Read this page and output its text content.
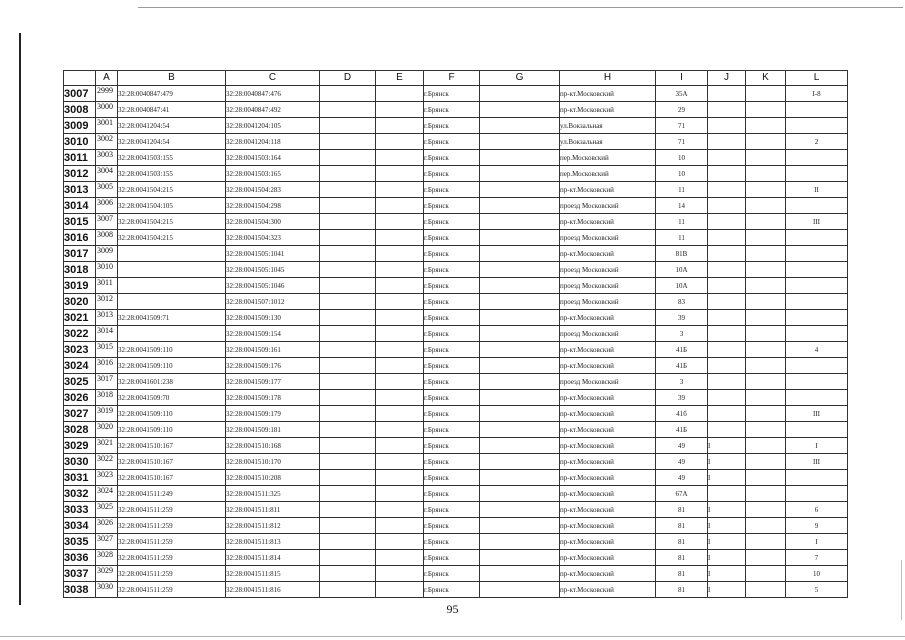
	A	B	C	D	E	F	G	H	I	J	K	L
3007	$^{2999}$	32:28:0040847:479	32:28:0040847:476			г.Брянск		пр-кт.Московский	35А			I-8
3008	$^{3000}$	32:28:0040847:41	32:28:0040847:492			г.Брянск		пр-кт.Московский	29			
3009	$^{3001}$	32:28:0041204:54	32:28:0041204:105			г.Брянск		ул.Вокзальная	71			
3010	$^{3002}$	32:28:0041204:54	32:28:0041204:118			г.Брянск		ул.Вокзальная	71			2
3011	$^{3003}$	32:28:0041503:155	32:28:0041503:164			г.Брянск		пер.Московский	10			
3012	$^{3004}$	32:28:0041503:155	32:28:0041503:165			г.Брянск		пер.Московский	10			
3013	$^{3005}$	32:28:0041504:215	32:28:0041504:283			г.Брянск		пр-кт.Московский	11			II
3014	$^{3006}$	32:28:0041504:105	32:28:0041504:298			г.Брянск		проезд Московский	14			
3015	$^{3007}$	32:28:0041504:215	32:28:0041504:300			г.Брянск		пр-кт.Московский	11			III
3016	$^{3008}$	32:28:0041504:215	32:28:0041504:323			г.Брянск		проезд Московский	11			
3017	$^{3009}$		32:28:0041505:1041			г.Брянск		пр-кт.Московский	81В			
3018	$^{3010}$		32:28:0041505:1045			г.Брянск		проезд Московский	10А			
3019	$^{3011}$		32:28:0041505:1046			г.Брянск		проезд Московский	10А			
3020	$^{3012}$		32:28:0041507:1012			г.Брянск		проезд Московский	83			
3021	$^{3013}$	32:28:0041509:71	32:28:0041509:130			г.Брянск		пр-кт.Московский	39			
3022	$^{3014}$		32:28:0041509:154			г.Брянск		проезд Московский	3			
3023	$^{3015}$	32:28:0041509:110	32:28:0041509:161			г.Брянск		пр-кт.Московский	41Б			4
3024	$^{3016}$	32:28:0041509:110	32:28:0041509:176			г.Брянск		пр-кт.Московский	41Б			
3025	$^{3017}$	32:28:0041601:238	32:28:0041509:177			г.Брянск		проезд Московский	3			
3026	$^{3018}$	32:28:0041509:70	32:28:0041509:178			г.Брянск		пр-кт.Московский	39			
3027	$^{3019}$	32:28:0041509:110	32:28:0041509:179			г.Брянск		пр-кт.Московский	41б			III
3028	$^{3020}$	32:28:0041509:110	32:28:0041509:181			г.Брянск		пр-кт.Московский	41Б			
3029	$^{3021}$	32:28:0041510:167	32:28:0041510:168			г.Брянск		пр-кт.Московский	49	I		I
3030	$^{3022}$	32:28:0041510:167	32:28:0041510:170			г.Брянск		пр-кт.Московский	49	I		III
3031	$^{3023}$	32:28:0041510:167	32:28:0041510:208			г.Брянск		пр-кт.Московский	49	I		
3032	$^{3024}$	32:28:0041511:249	32:28:0041511:325			г.Брянск		пр-кт.Московский	67А			
3033	$^{3025}$	32:28:0041511:259	32:28:0041511:811			г.Брянск		пр-кт.Московский	81	I		6
3034	$^{3026}$	32:28:0041511:259	32:28:0041511:812			г.Брянск		пр-кт.Московский	81	I		9
3035	$^{3027}$	32:28:0041511:259	32:28:0041511:813			г.Брянск		пр-кт.Московский	81	I		I
3036	$^{3028}$	32:28:0041511:259	32:28:0041511:814			г.Брянск		пр-кт.Московский	81	I		7
3037	$^{3029}$	32:28:0041511:259	32:28:0041511:815			г.Брянск		пр-кт.Московский	81	I		10
3038	$^{3030}$	32:28:0041511:259	32:28:0041511:816			г.Брянск		пр-кт.Московский	81	I		5
95
